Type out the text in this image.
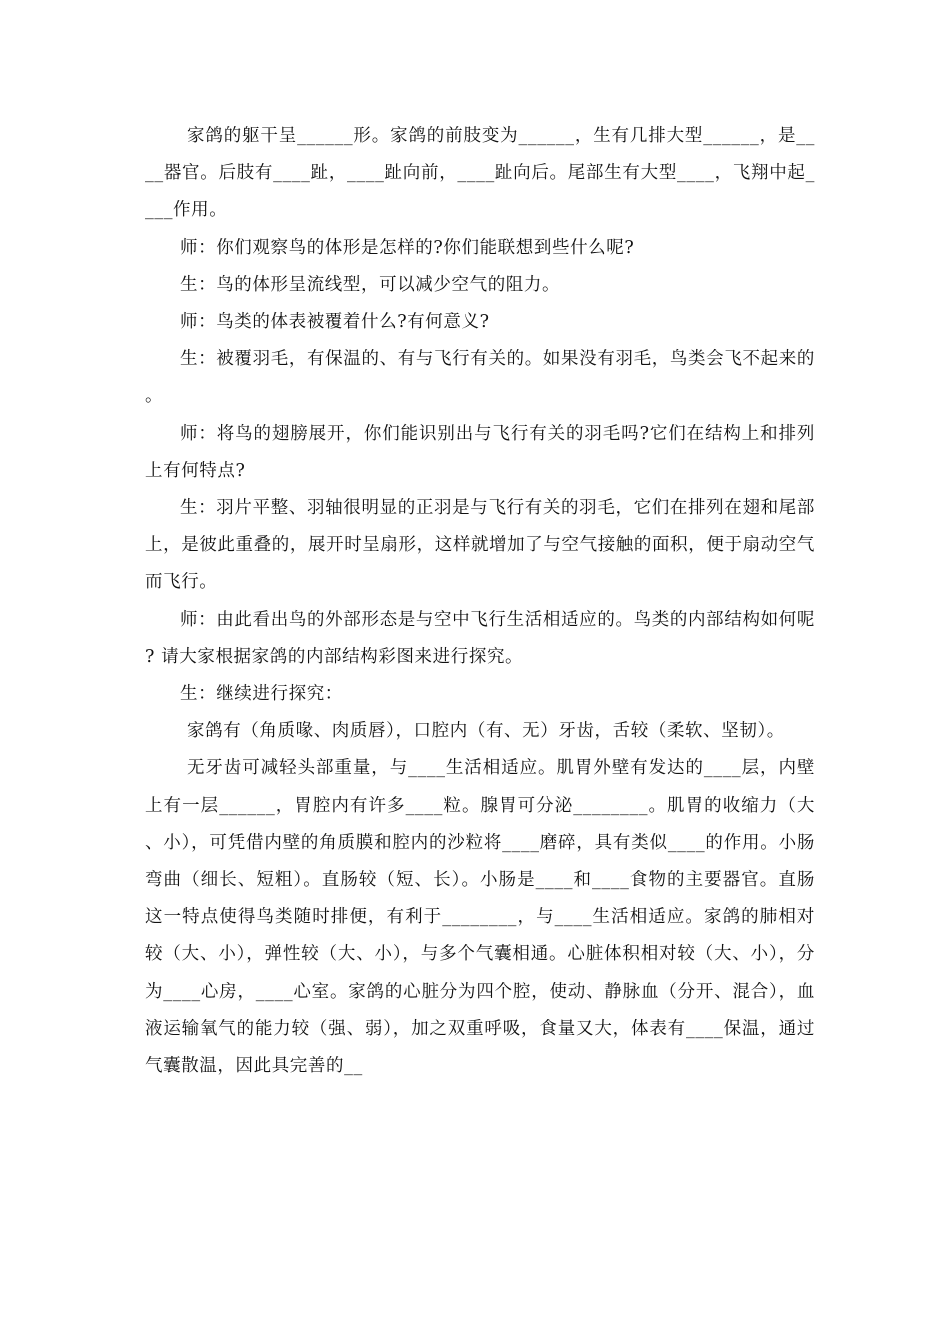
家鸽的躯干呈______形。家鸽的前肢变为______，生有几排大型______，是____器官。后肢有____趾，____趾向前，____趾向后。尾部生有大型____，飞翔中起____作用。

师：你们观察鸟的体形是怎样的?你们能联想到些什么呢?

生：鸟的体形呈流线型，可以减少空气的阻力。

师：鸟类的体表被覆着什么?有何意义?

生：被覆羽毛，有保温的、有与飞行有关的。如果没有羽毛，鸟类会飞不起来的。

师：将鸟的翅膀展开，你们能识别出与飞行有关的羽毛吗?它们在结构上和排列上有何特点?

生：羽片平整、羽轴很明显的正羽是与飞行有关的羽毛，它们在排列在翅和尾部上，是彼此重叠的，展开时呈扇形，这样就增加了与空气接触的面积，便于扇动空气而飞行。

师：由此看出鸟的外部形态是与空中飞行生活相适应的。鸟类的内部结构如何呢? 请大家根据家鸽的内部结构彩图来进行探究。

生：继续进行探究：

家鸽有（角质喙、肉质唇），口腔内（有、无）牙齿，舌较（柔软、坚韧）。

无牙齿可减轻头部重量，与____生活相适应。肌胃外壁有发达的____层，内壁上有一层______，胃腔内有许多____粒。腺胃可分泌________。肌胃的收缩力（大、小），可凭借内壁的角质膜和腔内的沙粒将____磨碎，具有类似____的作用。小肠弯曲（细长、短粗）。直肠较（短、长）。小肠是____和____食物的主要器官。直肠这一特点使得鸟类随时排便，有利于________，与____生活相适应。家鸽的肺相对较（大、小），弹性较（大、小），与多个气囊相通。心脏体积相对较（大、小），分为____心房，____心室。家鸽的心脏分为四个腔，使动、静脉血（分开、混合），血液运输氧气的能力较（强、弱），加之双重呼吸，食量又大，体表有____保温，通过气囊散温，因此具完善的__
